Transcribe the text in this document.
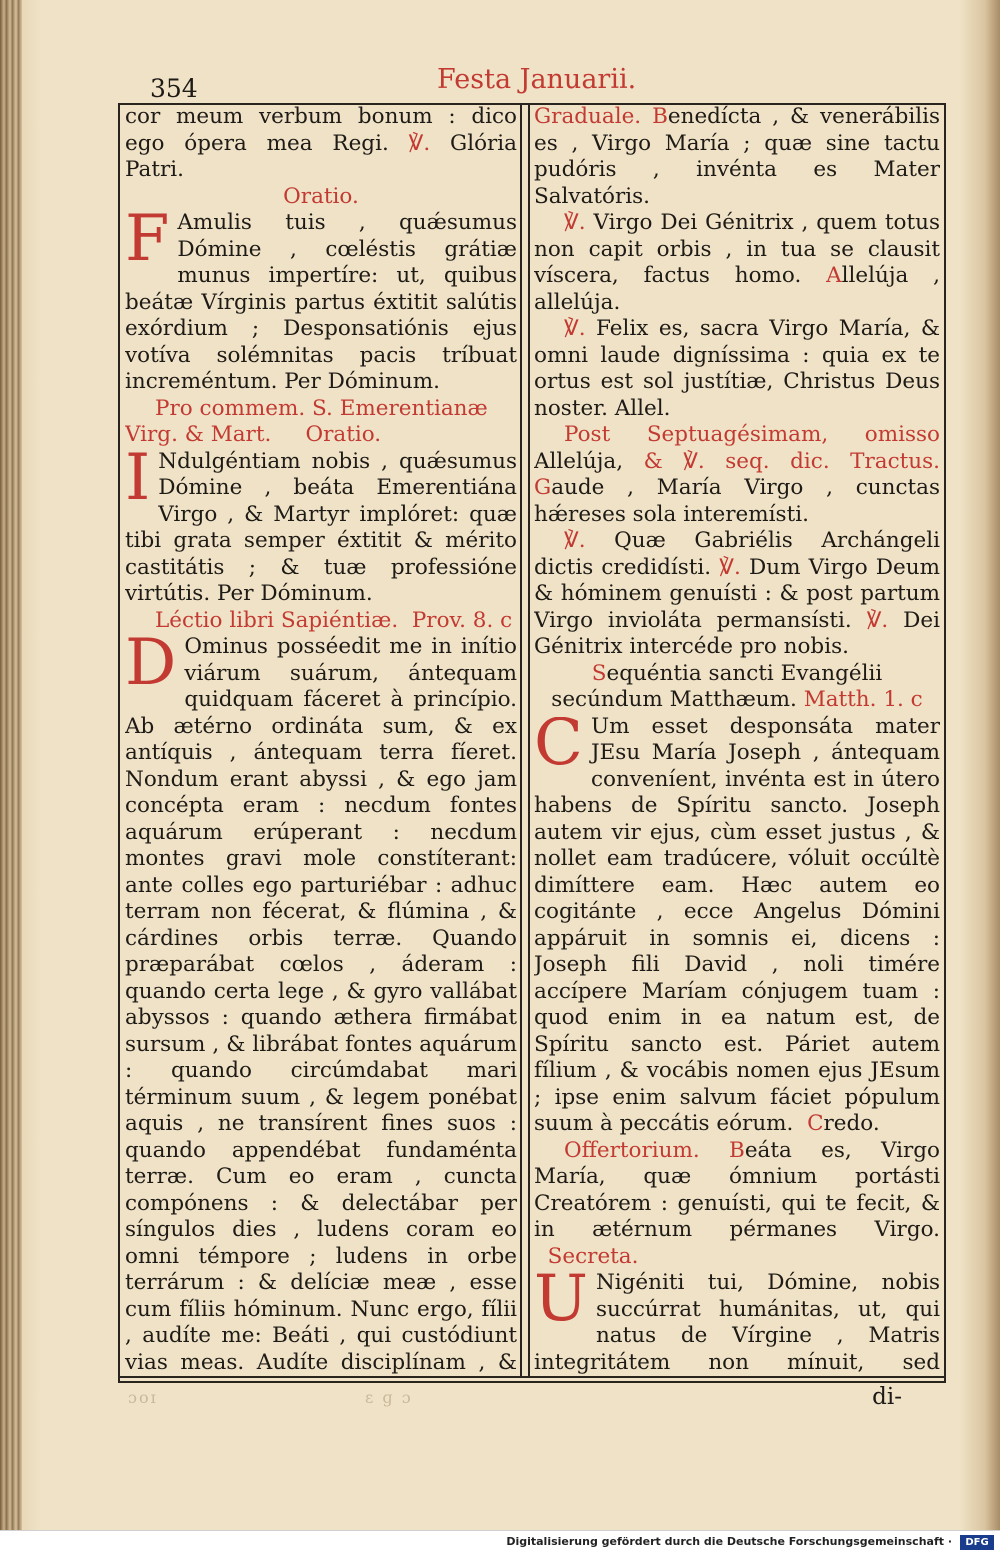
354	Festa Januarii.

cor meum verbum bonum : dico ego ópera mea Regi. ℣. Glória Patri.

Oratio.

F Amulis tuis , quǽsumus Dómine , cœléstis grátiæ munus impertíre: ut, quibus beátæ Vírginis partus éxtitit salútis exórdium ; Desponsatiónis ejus votíva solémnitas pacis tríbuat increméntum. Per Dóminum.

Pro commem. S. Emerentianæ Virg. & Mart. Oratio.

I Ndulgéntiam nobis , quǽsumus Dómine , beáta Emerentiána Virgo , & Martyr implóret: quæ tibi grata semper éxtitit & mérito castitátis ; & tuæ professióne virtútis. Per Dóminum.

Léctio libri Sapiéntiæ. Prov. 8. c

D Ominus posséedit me in inítio viárum suárum, ántequam quidquam fáceret à princípio. Ab ætérno ordináta sum, & ex antíquis , ántequam terra fíeret. Nondum erant abyssi , & ego jam concépta eram : necdum fontes aquárum erúperant : necdum montes gravi mole constíterant: ante colles ego parturiébar : adhuc terram non fécerat, & flúmina , & cárdines orbis terræ. Quando præparábat cœlos , áderam : quando certa lege , & gyro vallábat abyssos : quando æthera firmábat sursum , & librábat fontes aquárum : quando circúmdabat mari términum suum , & legem ponébat aquis , ne transírent fines suos : quando appendébat fundaménta terræ. Cum eo eram , cuncta compónens : & delectábar per síngulos dies , ludens coram eo omni témpore ; ludens in orbe terrárum : & delíciæ meæ , esse cum fíliis hóminum. Nunc ergo, fílii , audíte me: Beáti , qui custódiunt vias meas. Audíte disciplínam , &

Graduale. Benedícta , & venerábilis es , Virgo María ; quæ sine tactu pudóris , invénta es Mater Salvatóris.

℣. Virgo Dei Génitrix , quem totus non capit orbis , in tua se clausit víscera, factus homo. Allelúja , allelúja.

℣. Felix es, sacra Virgo María, & omni laude digníssima : quia ex te ortus est sol justítiæ, Christus Deus noster. Allel.

Post Septuagésimam, omisso Allelúja, & ℣. seq. dic. Tractus. Gaude , María Virgo , cunctas hǽreses sola interemísti.

℣. Quæ Gabriélis Archángeli dictis credidísti. ℣. Dum Virgo Deum & hóminem genuísti : & post partum Virgo invioláta permansísti. ℣. Dei Génitrix intercéde pro nobis.

Sequéntia sancti Evangélii secúndum Matthæum. Matth. 1. c

C Um esset desponsáta mater JEsu María Joseph , ántequam conveníent, invénta est in útero habens de Spíritu sancto. Joseph autem vir ejus, cùm esset justus , & nollet eam tradúcere, vóluit occúltè dimíttere eam. Hæc autem eo cogitánte , ecce Angelus Dómini appáruit in somnis ei, dicens : Joseph fili David , noli timére accípere Maríam cónjugem tuam : quod enim in ea natum est, de Spíritu sancto est. Páriet autem fílium , & vocábis nomen ejus JEsum ; ipse enim salvum fáciet pópulum suum à peccátis eórum. Credo.

Offertorium. Beáta es, Virgo María, quæ ómnium portásti Creatórem : genuísti, qui te fecit, & in ætérnum pérmanes Virgo.   Secreta.

U Nigéniti tui, Dómine, nobis succúrrat humánitas, ut, qui natus de Vírgine , Matris integritátem non mínuit, sed

di-
ɔoɪ	ɛ ɡ ɔ
Digitalisierung gefördert durch die Deutsche Forschungsgemeinschaft ·	DFG
